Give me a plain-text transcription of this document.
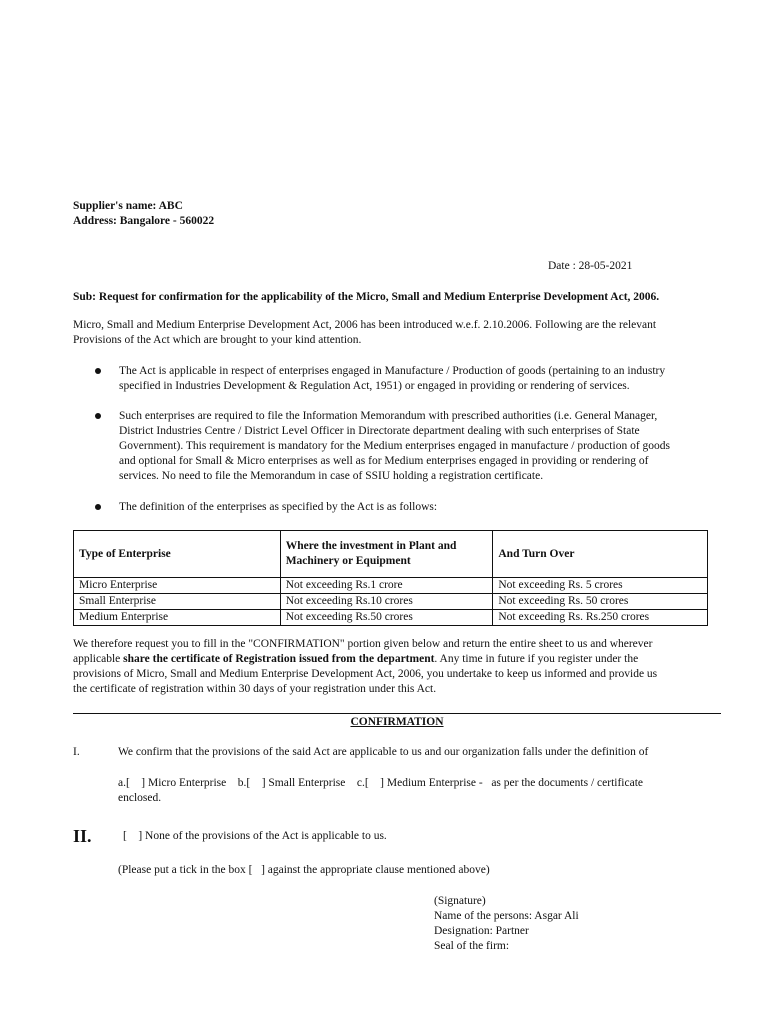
Supplier's name: ABC
Address: Bangalore - 560022
Date : 28-05-2021
Sub: Request for confirmation for the applicability of the Micro, Small and Medium Enterprise Development Act, 2006.
Micro, Small and Medium Enterprise Development Act, 2006 has been introduced w.e.f. 2.10.2006. Following are the relevant
Provisions of the Act which are brought to your kind attention.
The Act is applicable in respect of enterprises engaged in Manufacture / Production of goods (pertaining to an industry
specified in Industries Development & Regulation Act, 1951) or engaged in providing or rendering of services.
Such enterprises are required to file the Information Memorandum with prescribed authorities (i.e. General Manager,
District Industries Centre / District Level Officer in Directorate department dealing with such enterprises of State
Government). This requirement is mandatory for the Medium enterprises engaged in manufacture / production of goods
and optional for Small & Micro enterprises as well as for Medium enterprises engaged in providing or rendering of
services. No need to file the Memorandum in case of SSIU holding a registration certificate.
The definition of the enterprises as specified by the Act is as follows:
Type of Enterprise	Where the investment in Plant and Machinery or Equipment	And Turn Over
Micro Enterprise	Not exceeding Rs.1 crore	Not exceeding Rs. 5 crores
Small Enterprise	Not exceeding Rs.10 crores	Not exceeding Rs. 50 crores
Medium Enterprise	Not exceeding Rs.50 crores	Not exceeding Rs. Rs.250 crores
We therefore request you to fill in the "CONFIRMATION" portion given below and return the entire sheet to us and wherever
applicable share the certificate of Registration issued from the department. Any time in future if you register under the
provisions of Micro, Small and Medium Enterprise Development Act, 2006, you undertake to keep us informed and provide us
the certificate of registration within 30 days of your registration under this Act.
CONFIRMATION
I.	We confirm that the provisions of the said Act are applicable to us and our organization falls under the definition of
a.[    ] Micro Enterprise    b.[    ] Small Enterprise    c.[    ] Medium Enterprise -   as per the documents / certificate
enclosed.
II.	[    ] None of the provisions of the Act is applicable to us.
(Please put a tick in the box [   ] against the appropriate clause mentioned above)
(Signature)
Name of the persons: Asgar Ali
Designation: Partner
Seal of the firm:
